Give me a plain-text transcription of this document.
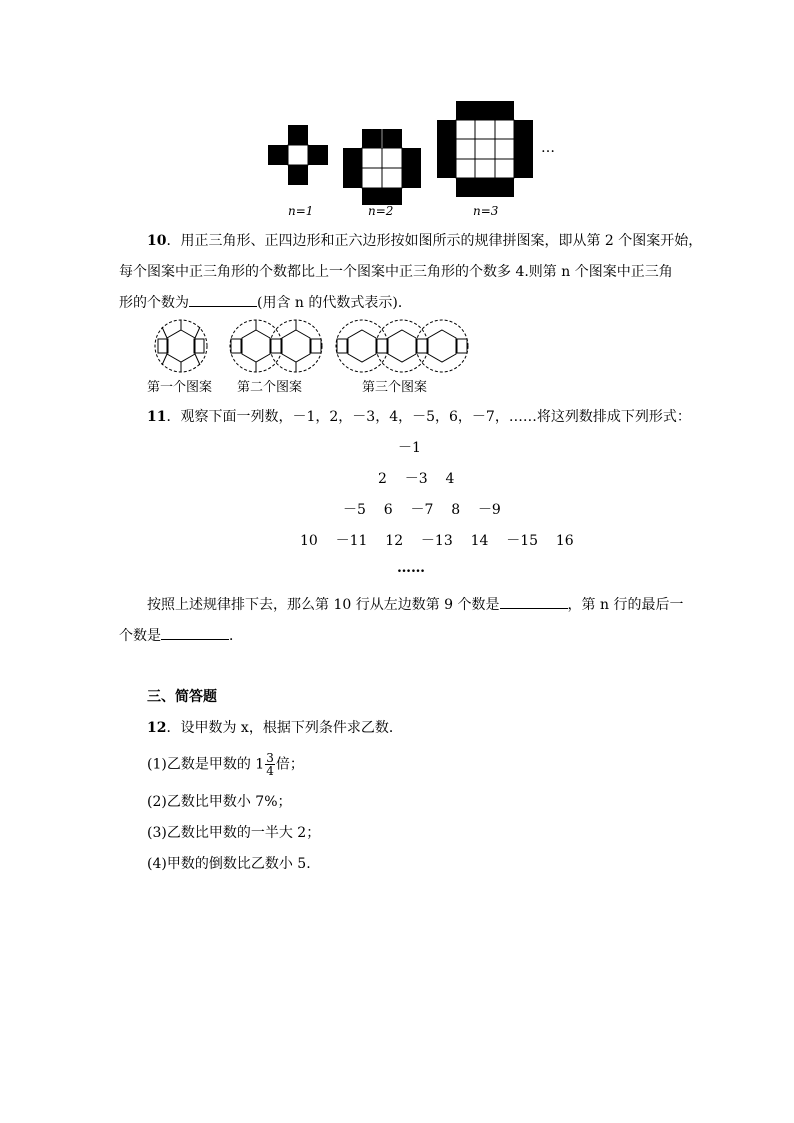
…
n=1	n=2	n=3
10．用正三角形、正四边形和正六边形按如图所示的规律拼图案，即从第 2 个图案开始，
每个图案中正三角形的个数都比上一个图案中正三角形的个数多 4.则第 n 个图案中正三角
形的个数为	(用含 n 的代数式表示)．
第一个图案 第二个图案	第三个图案
11．观察下面一列数，－1，2，－3，4，－5，6，－7，……将这列数排成下列形式：
－1
2 －3 4
－5 6 －7 8 －9
10 －11 12 －13 14 －15 16
……
按照上述规律排下去，那么第 10 行从左边数第 9 个数是	，第 n 行的最后一
个数是	．
三、简答题
12．设甲数为 x，根据下列条件求乙数．
(1)乙数是甲数的 $1 \frac{3}{4}$ 倍；
(2)乙数比甲数小 7%；
(3)乙数比甲数的一半大 2；
(4)甲数的倒数比乙数小 5.
